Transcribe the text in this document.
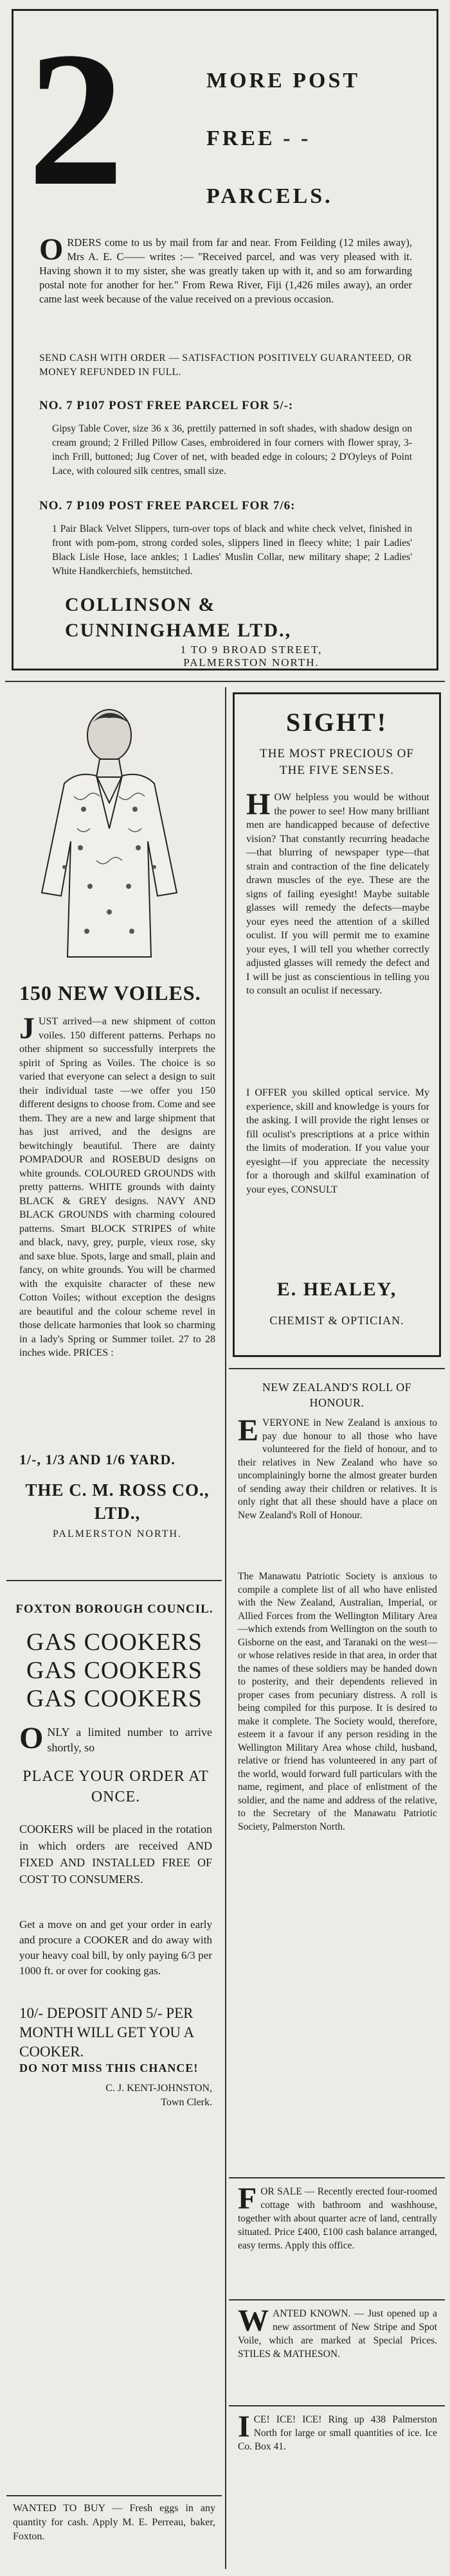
2	MORE POST
FREE - -
PARCELS.

ORDERS come to us by mail from far and near. From Feilding (12 miles away), Mrs A. E. C—— writes :— "Received parcel, and was very pleased with it. Having shown it to my sister, she was greatly taken up with it, and so am forwarding postal note for another for her." From Rewa River, Fiji (1,426 miles away), an order came last week because of the value received on a previous occasion.

SEND CASH WITH ORDER — SATISFACTION POSITIVELY GUARANTEED, OR MONEY REFUNDED IN FULL.

NO. 7 P107 POST FREE PARCEL FOR 5/-:

Gipsy Table Cover, size 36 x 36, prettily patterned in soft shades, with shadow design on cream ground; 2 Frilled Pillow Cases, embroidered in four corners with flower spray, 3-inch Frill, buttoned; Jug Cover of net, with beaded edge in colours; 2 D'Oyleys of Point Lace, with coloured silk centres, small size.

NO. 7 P109 POST FREE PARCEL FOR 7/6:

1 Pair Black Velvet Slippers, turn-over tops of black and white check velvet, finished in front with pom-pom, strong corded soles, slippers lined in fleecy white; 1 pair Ladies' Black Lisle Hose, lace ankles; 1 Ladies' Muslin Collar, new military shape; 2 Ladies' White Handkerchiefs, hemstitched.

COLLINSON & CUNNINGHAME LTD.,
1 TO 9 BROAD STREET,
PALMERSTON NORTH.
150 NEW VOILES.

JUST arrived—a new shipment of cotton voiles. 150 different patterns. Perhaps no other shipment so successfully interprets the spirit of Spring as Voiles. The choice is so varied that everyone can select a design to suit their individual taste —we offer you 150 different designs to choose from. Come and see them. They are a new and large shipment that has just arrived, and the designs are bewitchingly beautiful. There are dainty POMPADOUR and ROSEBUD designs on white grounds. COLOURED GROUNDS with pretty patterns. WHITE grounds with dainty BLACK & GREY designs. NAVY AND BLACK GROUNDS with charming coloured patterns. Smart BLOCK STRIPES of white and black, navy, grey, purple, vieux rose, sky and saxe blue. Spots, large and small, plain and fancy, on white grounds. You will be charmed with the exquisite character of these new Cotton Voiles; without exception the designs are beautiful and the colour scheme revel in those delicate harmonies that look so charming in a lady's Spring or Summer toilet. 27 to 28 inches wide. PRICES :

1/-, 1/3 AND 1/6 YARD.
THE C. M. ROSS CO., LTD.,
PALMERSTON NORTH.
FOXTON BOROUGH COUNCIL.
GAS COOKERS
GAS COOKERS
GAS COOKERS

ONLY a limited number to arrive shortly, so

PLACE YOUR ORDER AT ONCE.

COOKERS will be placed in the rotation in which orders are received AND FIXED AND INSTALLED FREE OF COST TO CONSUMERS.

Get a move on and get your order in early and procure a COOKER and do away with your heavy coal bill, by only paying 6/3 per 1000 ft. or over for cooking gas.

10/- DEPOSIT AND 5/- PER MONTH WILL GET YOU A COOKER.
DO NOT MISS THIS CHANCE!
C. J. KENT-JOHNSTON,
Town Clerk.

WANTED TO BUY — Fresh eggs in any quantity for cash. Apply M. E. Perreau, baker, Foxton.

SIGHT!
THE MOST PRECIOUS OF THE FIVE SENSES.

HOW helpless you would be without the power to see! How many brilliant men are handicapped because of defective vision? That constantly recurring headache—that blurring of newspaper type—that strain and contraction of the fine delicately drawn muscles of the eye. These are the signs of failing eyesight! Maybe suitable glasses will remedy the defects—maybe your eyes need the attention of a skilled oculist. If you will permit me to examine your eyes, I will tell you whether correctly adjusted glasses will remedy the defect and I will be just as conscientious in telling you to consult an oculist if necessary.

I OFFER you skilled optical service. My experience, skill and knowledge is yours for the asking. I will provide the right lenses or fill oculist's prescriptions at a price within the limits of moderation. If you value your eyesight—if you appreciate the necessity for a thorough and skilful examination of your eyes, CONSULT

E. HEALEY,
CHEMIST & OPTICIAN.
NEW ZEALAND'S ROLL OF HONOUR.

EVERYONE in New Zealand is anxious to pay due honour to all those who have volunteered for the field of honour, and to their relatives in New Zealand who have so uncomplainingly borne the almost greater burden of sending away their children or relatives. It is only right that all these should have a place on New Zealand's Roll of Honour.

The Manawatu Patriotic Society is anxious to compile a complete list of all who have enlisted with the New Zealand, Australian, Imperial, or Allied Forces from the Wellington Military Area—which extends from Wellington on the south to Gisborne on the east, and Taranaki on the west—or whose relatives reside in that area, in order that the names of these soldiers may be handed down to posterity, and their dependents relieved in proper cases from pecuniary distress. A roll is being compiled for this purpose. It is desired to make it complete. The Society would, therefore, esteem it a favour if any person residing in the Wellington Military Area whose child, husband, relative or friend has volunteered in any part of the world, would forward full particulars with the name, regiment, and place of enlistment of the soldier, and the name and address of the relative, to the Secretary of the Manawatu Patriotic Society, Palmerston North.

FOR SALE — Recently erected four-roomed cottage with bathroom and washhouse, together with about quarter acre of land, centrally situated. Price £400, £100 cash balance arranged, easy terms. Apply this office.

WANTED KNOWN. — Just opened up a new assortment of New Stripe and Spot Voile, which are marked at Special Prices. STILES & MATHESON.

ICE! ICE! ICE! Ring up 438 Palmerston North for large or small quantities of ice. Ice Co. Box 41.
